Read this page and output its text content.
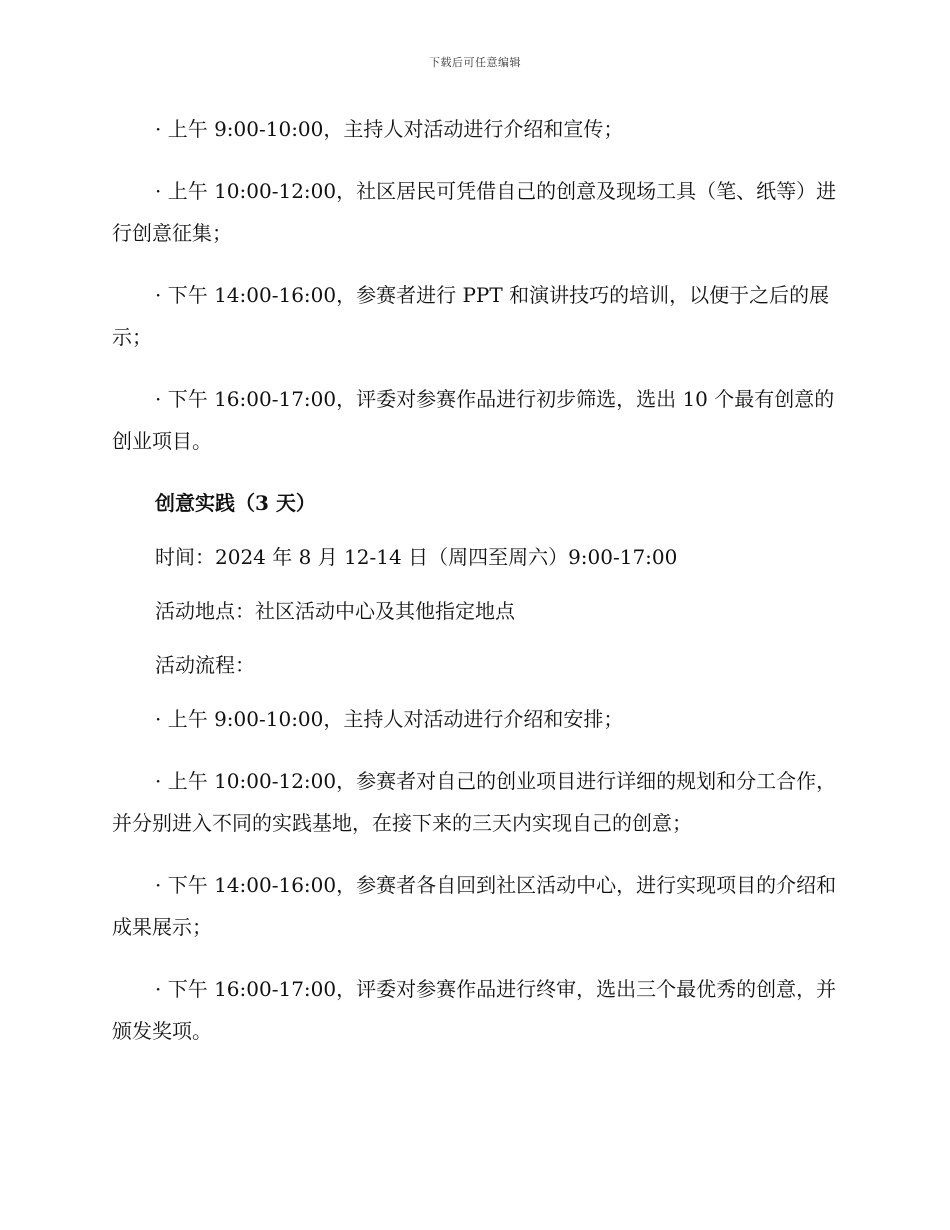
下载后可任意编辑

· 上午 9:00-10:00，主持人对活动进行介绍和宣传；

· 上午 10:00-12:00，社区居民可凭借自己的创意及现场工具（笔、纸等）进行创意征集；

· 下午 14:00-16:00，参赛者进行 PPT 和演讲技巧的培训，以便于之后的展示；

· 下午 16:00-17:00，评委对参赛作品进行初步筛选，选出 10 个最有创意的创业项目。

创意实践（3 天）

时间：2024 年 8 月 12-14 日（周四至周六）9:00-17:00

活动地点：社区活动中心及其他指定地点

活动流程：

· 上午 9:00-10:00，主持人对活动进行介绍和安排；

· 上午 10:00-12:00，参赛者对自己的创业项目进行详细的规划和分工合作，并分别进入不同的实践基地，在接下来的三天内实现自己的创意；

· 下午 14:00-16:00，参赛者各自回到社区活动中心，进行实现项目的介绍和成果展示；

· 下午 16:00-17:00，评委对参赛作品进行终审，选出三个最优秀的创意，并颁发奖项。
